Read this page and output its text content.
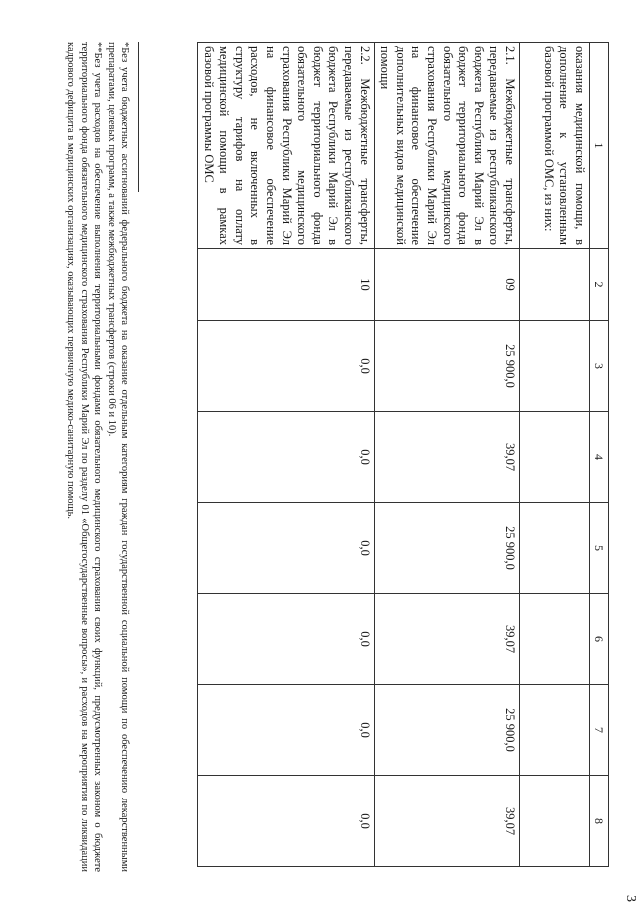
3
1	2	3	4	5	6	7	8
оказания медицинской помощи, в дополнение к установленным базовой программой ОМС, из них:							
2.1. Межбюджетные трансферты, передаваемые из республиканского бюджета Республики Марий Эл в бюджет территориального фонда обязательного медицинского страхования Республики Марий Эл на финансовое обеспечение дополнительных видов медицинской помощи	09	25 900,0	39,07	25 900,0	39,07	25 900,0	39,07
2.2. Межбюджетные трансферты, передаваемые из республиканского бюджета Республики Марий Эл в бюджет территориального фонда обязательного медицинского страхования Республики Марий Эл на финансовое обеспечение расходов, не включенных в структуру тарифов на оплату медицинской помощи в рамках базовой программы ОМС	10	0,0	0,0	0,0	0,0	0,0	0,0

*Без учета бюджетных ассигнований федерального бюджета на оказание отдельным категориям граждан государственной социальной помощи по обеспечению лекарственными препаратами, целевых программ, а также межбюджетных трансфертов (строки 06 и 10).

**Без учета расходов на обеспечение выполнения территориальными фондами обязательного медицинского страхования своих функций, предусмотренных законом о бюджете территориального фонда обязательного медицинского страхования Республики Марий Эл по разделу 01 «Общегосударственные вопросы», и расходов на мероприятия по ликвидации кадрового дефицита в медицинских организациях, оказывающих первичную медико-санитарную помощь.
